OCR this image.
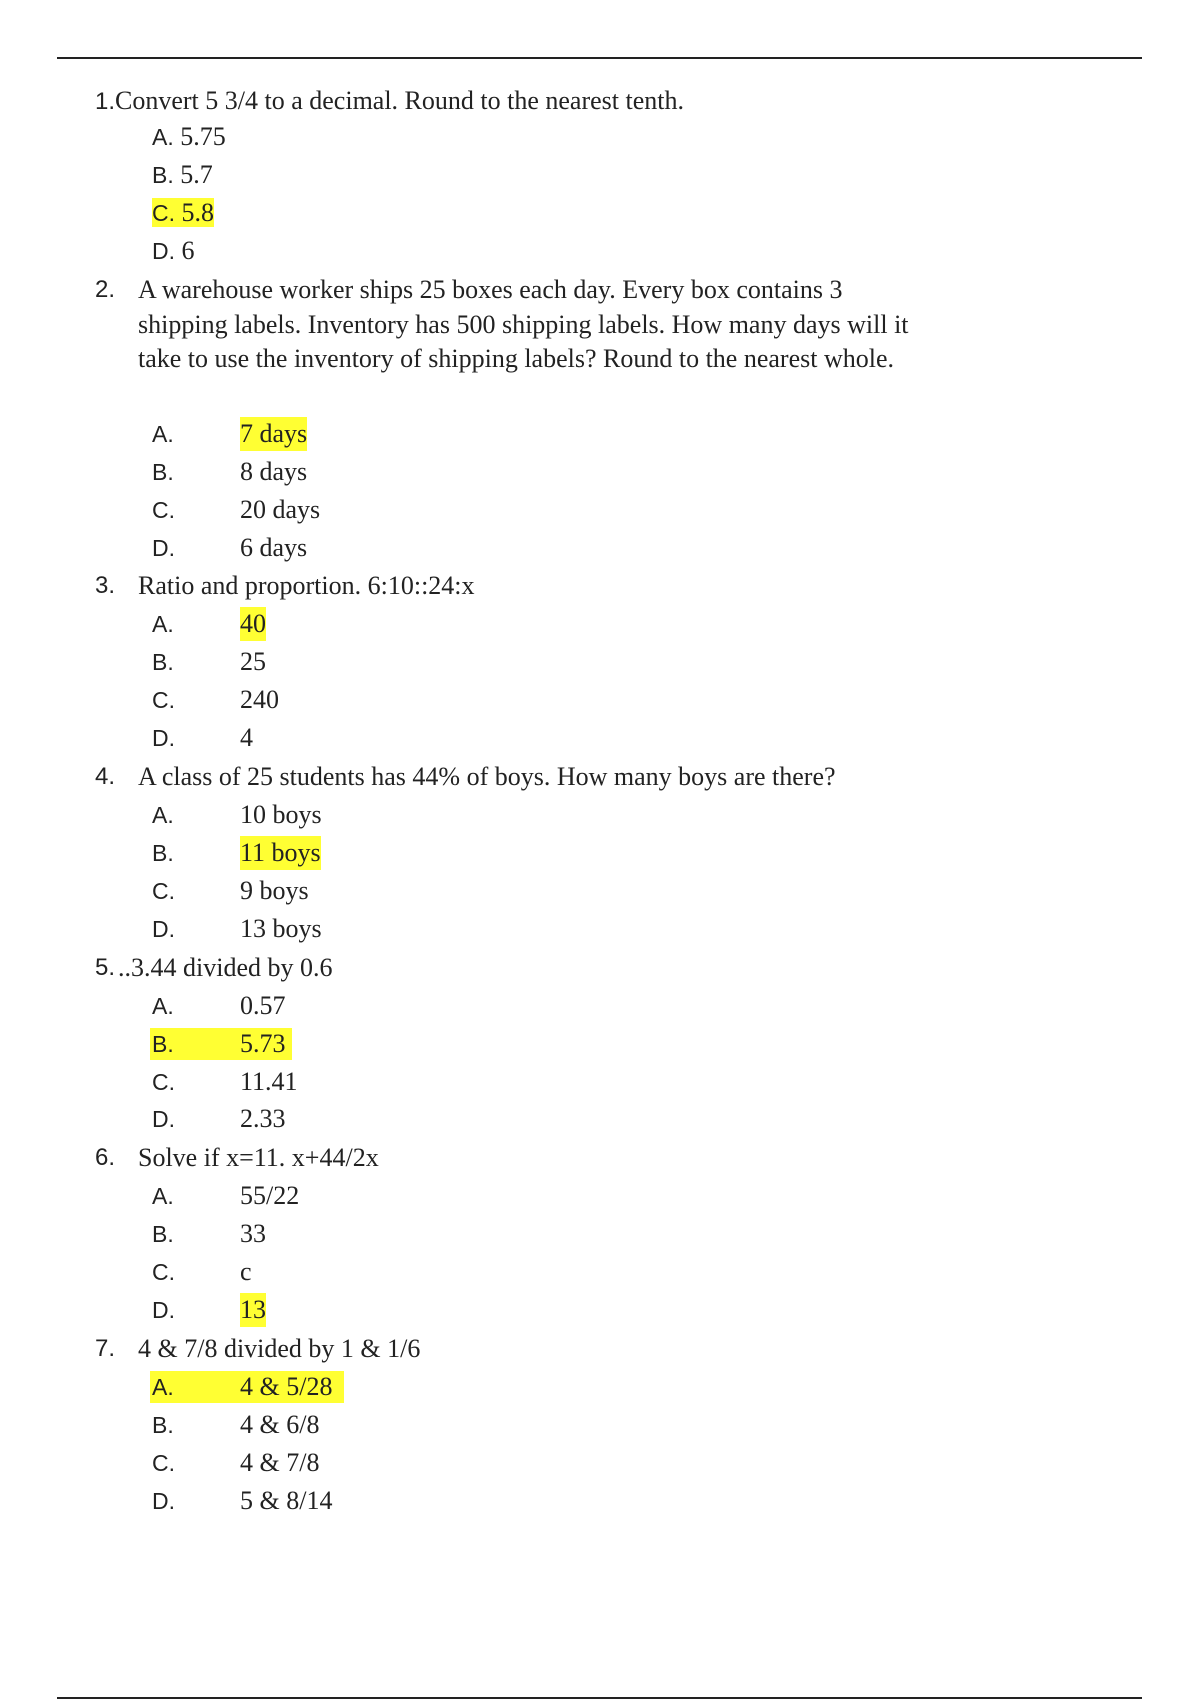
1.Convert 5 3/4 to a decimal. Round to the nearest tenth.
A. 5.75
B. 5.7
C. 5.8
D. 6
2. A warehouse worker ships 25 boxes each day. Every box contains 3 shipping labels. Inventory has 500 shipping labels. How many days will it take to use the inventory of shipping labels? Round to the nearest whole.
A.	7 days
B.	8 days
C.	20 days
D.	6 days
3. Ratio and proportion. 6:10::24:x
A.	40
B.	25
C.	240
D.	4
4. A class of 25 students has 44% of boys. How many boys are there?
A.	10 boys
B.	11 boys
C.	9 boys
D.	13 boys
5. ..3.44 divided by 0.6
A.	0.57
B.	5.73
C.	11.41
D.	2.33
6. Solve if x=11. x+44/2x
A.	55/22
B.	33
C.	c
D.	13
7. 4 & 7/8 divided by 1 & 1/6
A.	4 & 5/28
B.	4 & 6/8
C.	4 & 7/8
D.	5 & 8/14
